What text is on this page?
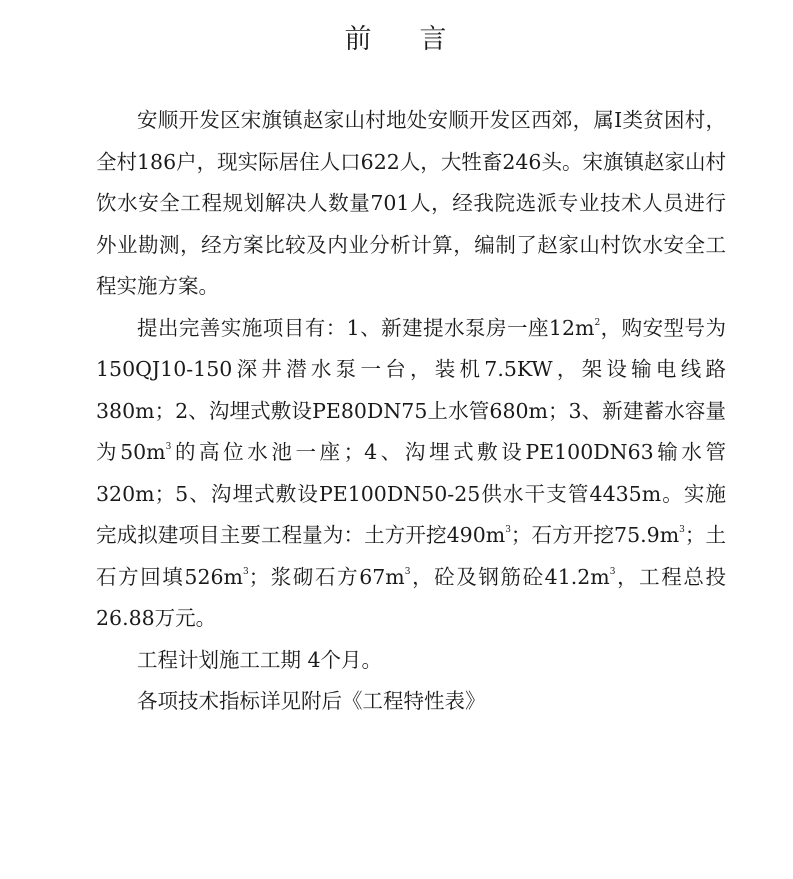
前 言

安顺开发区宋旗镇赵家山村地处安顺开发区西郊，属Ⅰ类贫困村，全村186户，现实际居住人口622人，大牲畜246头。宋旗镇赵家山村饮水安全工程规划解决人数量701人，经我院选派专业技术人员进行外业勘测，经方案比较及内业分析计算，编制了赵家山村饮水安全工程实施方案。

提出完善实施项目有：1、新建提水泵房一座$12m^2$，购安型号为150QJ10-150深井潜水泵一台，装机7.5KW，架设输电线路380m；2、沟埋式敷设PE80DN75上水管680m；3、新建蓄水容量为$50m^3$的高位水池一座；4、沟埋式敷设PE100DN63输水管320m；5、沟埋式敷设PE100DN50-25供水干支管4435m。实施完成拟建项目主要工程量为：土方开挖$490m^3$；石方开挖$75.9m^3$；土石方回填$526m^3$；浆砌石方$67m^3$，砼及钢筋砼$41.2m^3$，工程总投26.88万元。

工程计划施工工期 4个月。

各项技术指标详见附后《工程特性表》
